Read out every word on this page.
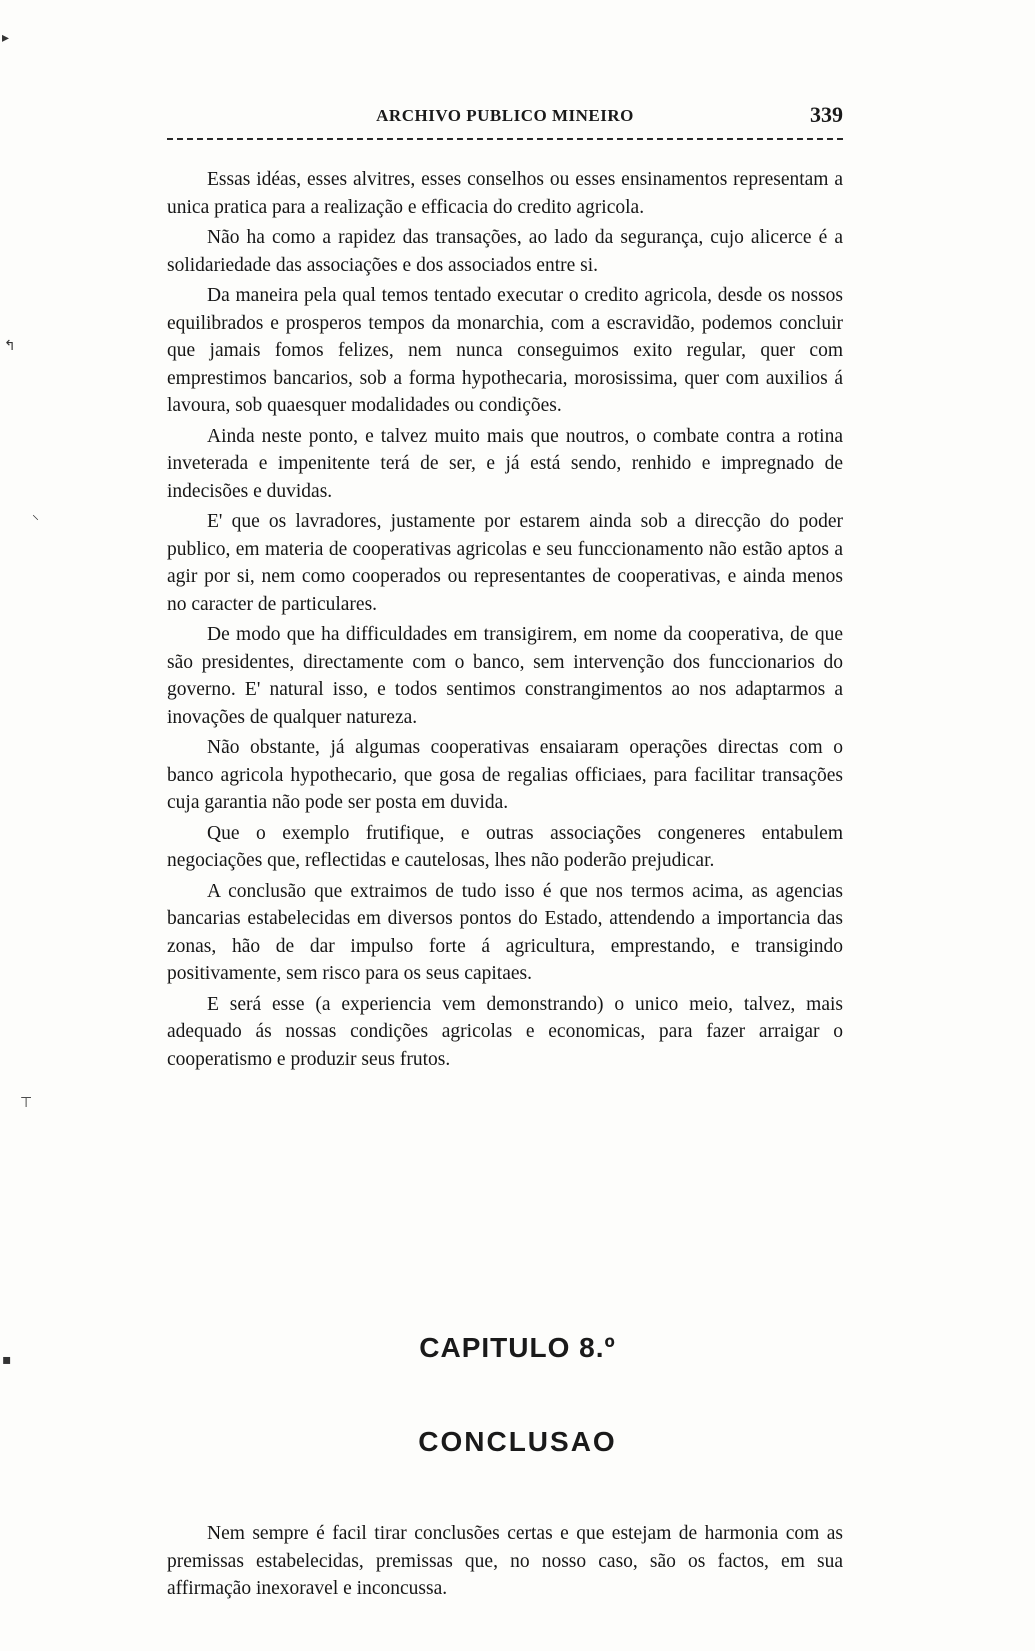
ARCHIVO PUBLICO MINEIRO	339

Essas idéas, esses alvitres, esses conselhos ou esses ensinamentos representam a unica pratica para a realização e efficacia do credito agricola.

Não ha como a rapidez das transações, ao lado da segurança, cujo alicerce é a solidariedade das associações e dos associados entre si.

Da maneira pela qual temos tentado executar o credito agricola, desde os nossos equilibrados e prosperos tempos da monarchia, com a escravidão, podemos concluir que jamais fomos felizes, nem nunca conseguimos exito regular, quer com emprestimos bancarios, sob a forma hypothecaria, morosissima, quer com auxilios á lavoura, sob quaesquer modalidades ou condições.

Ainda neste ponto, e talvez muito mais que noutros, o combate contra a rotina inveterada e impenitente terá de ser, e já está sendo, renhido e impregnado de indecisões e duvidas.

E' que os lavradores, justamente por estarem ainda sob a direcção do poder publico, em materia de cooperativas agricolas e seu funccionamento não estão aptos a agir por si, nem como cooperados ou representantes de cooperativas, e ainda menos no caracter de particulares.

De modo que ha difficuldades em transigirem, em nome da cooperativa, de que são presidentes, directamente com o banco, sem intervenção dos funccionarios do governo. E' natural isso, e todos sentimos constrangimentos ao nos adaptarmos a inovações de qualquer natureza.

Não obstante, já algumas cooperativas ensaiaram operações directas com o banco agricola hypothecario, que gosa de regalias officiaes, para facilitar transações cuja garantia não pode ser posta em duvida.

Que o exemplo frutifique, e outras associações congeneres entabulem negociações que, reflectidas e cautelosas, lhes não poderão prejudicar.

A conclusão que extraimos de tudo isso é que nos termos acima, as agencias bancarias estabelecidas em diversos pontos do Estado, attendendo a importancia das zonas, hão de dar impulso forte á agricultura, emprestando, e transigindo positivamente, sem risco para os seus capitaes.

E será esse (a experiencia vem demonstrando) o unico meio, talvez, mais adequado ás nossas condições agricolas e economicas, para fazer arraigar o cooperatismo e produzir seus frutos.

CAPITULO 8.º
CONCLUSAO

Nem sempre é facil tirar conclusões certas e que estejam de harmonia com as premissas estabelecidas, premissas que, no nosso caso, são os factos, em sua affirmação inexoravel e inconcussa.

▸
↰
⸜
⊤
▪
